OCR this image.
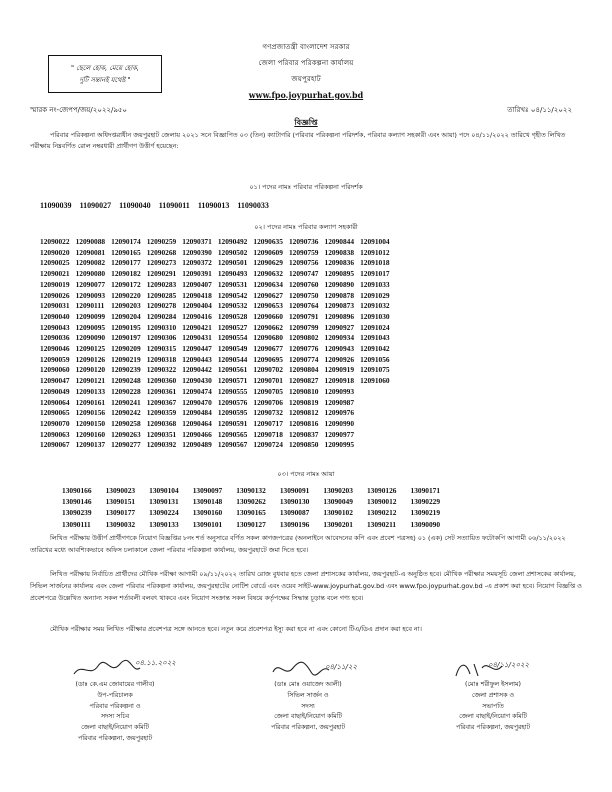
" ছেলে হোক, মেয়ে হোক,
দুটি সন্তানই যথেষ্ট "
গণপ্রজাতন্ত্রী বাংলাদেশ সরকার
জেলা পরিবার পরিকল্পনা কার্যালয়
জয়পুরহাট
www.fpo.joypurhat.gov.bd
স্মারক নং-জেপপ/জয়/২০২২/৯৫০	তারিখঃ ০৪/১১/২০২২
বিজ্ঞপ্তি
পরিবার পরিকল্পনা অধিদপ্তরাধীন জয়পুরহাট জেলায় ২০২১ সনে বিজ্ঞাপিত ০৩ (তিন) ক্যাটাগরি (পরিবার পরিকল্পনা পরিদর্শক, পরিবার কল্যাণ সহকারী এবং আয়া) পদে ০৪/১১/২০২২ তারিখে গৃহীত লিখিত পরীক্ষায় নিম্নবর্ণিত রোল নম্বরধারী প্রার্থীগণ উত্তীর্ণ হয়েছেন:
০১। পদের নামঃ পরিবার পরিকল্পনা পরিদর্শক
11090039 11090027 11090040 11090011 11090013 11090033
০২। পদের নামঃ পরিবার কল্যাণ সহকারী
12090022	12090088	12090174	12090259	12090371	12090492	12090635	12090736	12090844	12091004
12090020	12090081	12090165	12090268	12090390	12090502	12090609	12090759	12090838	12091012
12090025	12090082	12090177	12090273	12090372	12090501	12090629	12090756	12090836	12091018
12090021	12090080	12090182	12090291	12090391	12090493	12090632	12090747	12090895	12091017
12090019	12090077	12090172	12090283	12090407	12090531	12090634	12090760	12090890	12091033
12090026	12090093	12090220	12090285	12090418	12090542	12090627	12090750	12090878	12091029
12090031	12090111	12090203	12090278	12090404	12090532	12090653	12090764	12090873	12091032
12090040	12090099	12090204	12090284	12090416	12090528	12090660	12090791	12090896	12091030
12090043	12090095	12090195	12090310	12090421	12090527	12090662	12090799	12090927	12091024
12090036	12090090	12090197	12090306	12090431	12090554	12090680	12090802	12090934	12091043
12090046	12090125	12090209	12090315	12090447	12090549	12090677	12090776	12090943	12091042
12090059	12090126	12090219	12090318	12090443	12090544	12090695	12090774	12090926	12091056
12090060	12090120	12090239	12090322	12090442	12090561	12090702	12090804	12090919	12091075
12090047	12090121	12090248	12090360	12090430	12090571	12090701	12090827	12090918	12091060
12090049	12090133	12090228	12090361	12090474	12090555	12090705	12090810	12090993	
12090064	12090161	12090241	12090367	12090470	12090576	12090706	12090819	12090987	
12090065	12090156	12090242	12090359	12090484	12090595	12090732	12090812	12090976	
12090070	12090150	12090258	12090368	12090464	12090591	12090717	12090816	12090990	
12090063	12090160	12090263	12090351	12090466	12090565	12090718	12090837	12090977	
12090067	12090137	12090277	12090392	12090489	12090567	12090724	12090850	12090995	
০৩। পদের নামঃ আয়া
13090166	13090023	13090104	13090097	13090132	13090091	13090203	13090126	13090171
13090146	13090151	13090131	13090148	13090262	13090130	13090049	13090012	13090229
13090239	13090177	13090224	13090160	13090165	13090087	13090102	13090212	13090219
13090111	13090032	13090133	13090101	13090127	13090196	13090201	13090211	13090090
লিখিত পরীক্ষায় উত্তীর্ণ প্রার্থীগণকে নিয়োগ বিজ্ঞপ্তির ৮নং শর্ত অনুসারে বর্ণিত সকল কাগজপত্রের (অনলাইনে আবেদনের কপি এবং প্রবেশ পত্রসহ) ০১ (এক) সেট সত্যায়িত ফটোকপি আগামী ০৬/১১/২০২২ তারিখের মধ্যে আবশ্যিকভাবে অফিস চলাকালে জেলা পরিবার পরিকল্পনা কার্যালয়, জয়পুরহাটে জমা দিতে হবে।
লিখিত পরীক্ষায় নির্বাচিত প্রার্থীদের মৌখিক পরীক্ষা আগামী ০৯/১১/২০২২ তারিখ রোজ বুধবার হতে জেলা প্রশাসকের কার্যালয়, জয়পুরহাট-এ অনুষ্ঠিত হবে। মৌখিক পরীক্ষার সময়সূচি জেলা প্রশাসকের কার্যালয়, সিভিল সার্জনের কার্যালয় এবং জেলা পরিবার পরিকল্পনা কার্যালয়, জয়পুরহাটের নোটিশ বোর্ডে এবং ওয়েব সাইট-www.joypurhat.gov.bd এবং www.fpo.joypurhat.gov.bd -এ প্রকাশ করা হবে। নিয়োগ বিজ্ঞপ্তি ও প্রবেশপত্রে উল্লেখিত অন্যান্য সকল শর্তাবলী বলবৎ থাকবে এবং নিয়োগ সংক্রান্ত সকল বিষয়ে কর্তৃপক্ষের সিদ্ধান্ত চূড়ান্ত বলে গণ্য হবে।
মৌখিক পরীক্ষার সময় লিখিত পরীক্ষার প্রবেশপত্র সঙ্গে আনতে হবে। নতুন করে প্রবেশপত্র ইস্যু করা হবে না এবং কোনো টিএ/ডিএ প্রদান করা হবে না।
০৪.১১.২০২২
(ডাঃ কে.এম জোবায়ের গালীব)
উপ-পরিচালক
পরিবার পরিকল্পনা ও
সদস্য সচিব
জেলা বাছাই/নিয়োগ কমিটি
পরিবার পরিকল্পনা, জয়পুরহাট
০৪/১১/২২
(ডাঃ মোঃ ওয়াজেদ আলী)
সিভিল সার্জন ও
সদস্য
জেলা বাছাই/নিয়োগ কমিটি
পরিবার পরিকল্পনা, জয়পুরহাট
০৪/১১/২০২২
(মোঃ শরীফুল ইসলাম)
জেলা প্রশাসক ও
সভাপতি
জেলা বাছাই/নিয়োগ কমিটি
পরিবার পরিকল্পনা, জয়পুরহাট
